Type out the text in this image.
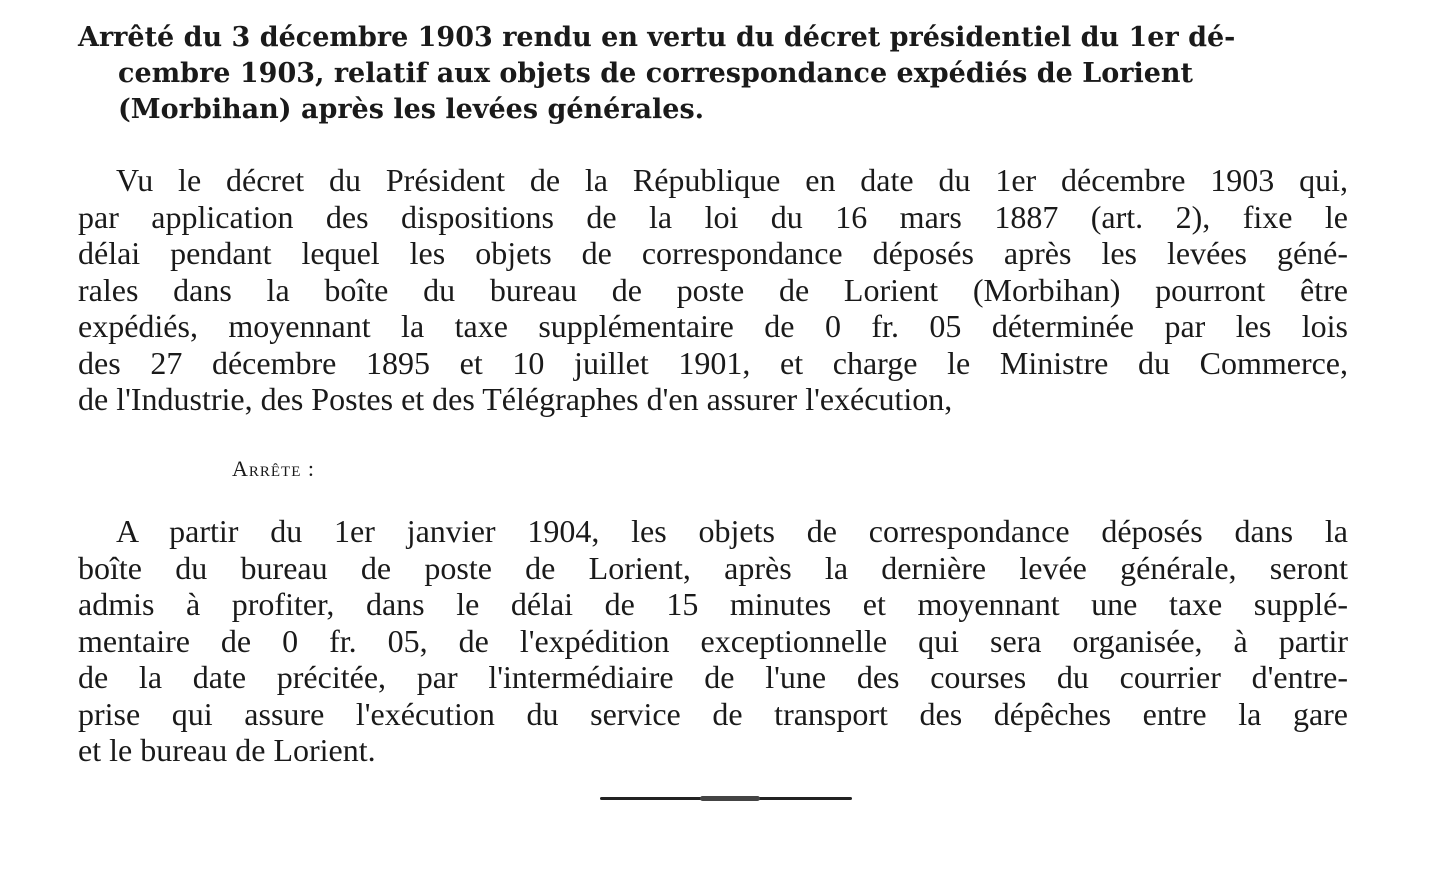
Arrêté du 3 décembre 1903 rendu en vertu du décret présidentiel du 1er dé-
cembre 1903, relatif aux objets de correspondance expédiés de Lorient
(Morbihan) après les levées générales.
Vu le décret du Président de la République en date du 1er décembre 1903 qui,
par application des dispositions de la loi du 16 mars 1887 (art. 2), fixe le
délai pendant lequel les objets de correspondance déposés après les levées géné-
rales dans la boîte du bureau de poste de Lorient (Morbihan) pourront être
expédiés, moyennant la taxe supplémentaire de 0 fr. 05 déterminée par les lois
des 27 décembre 1895 et 10 juillet 1901, et charge le Ministre du Commerce,
de l'Industrie, des Postes et des Télégraphes d'en assurer l'exécution,
Arrête :
A partir du 1er janvier 1904, les objets de correspondance déposés dans la
boîte du bureau de poste de Lorient, après la dernière levée générale, seront
admis à profiter, dans le délai de 15 minutes et moyennant une taxe supplé-
mentaire de 0 fr. 05, de l'expédition exceptionnelle qui sera organisée, à partir
de la date précitée, par l'intermédiaire de l'une des courses du courrier d'entre-
prise qui assure l'exécution du service de transport des dépêches entre la gare
et le bureau de Lorient.
